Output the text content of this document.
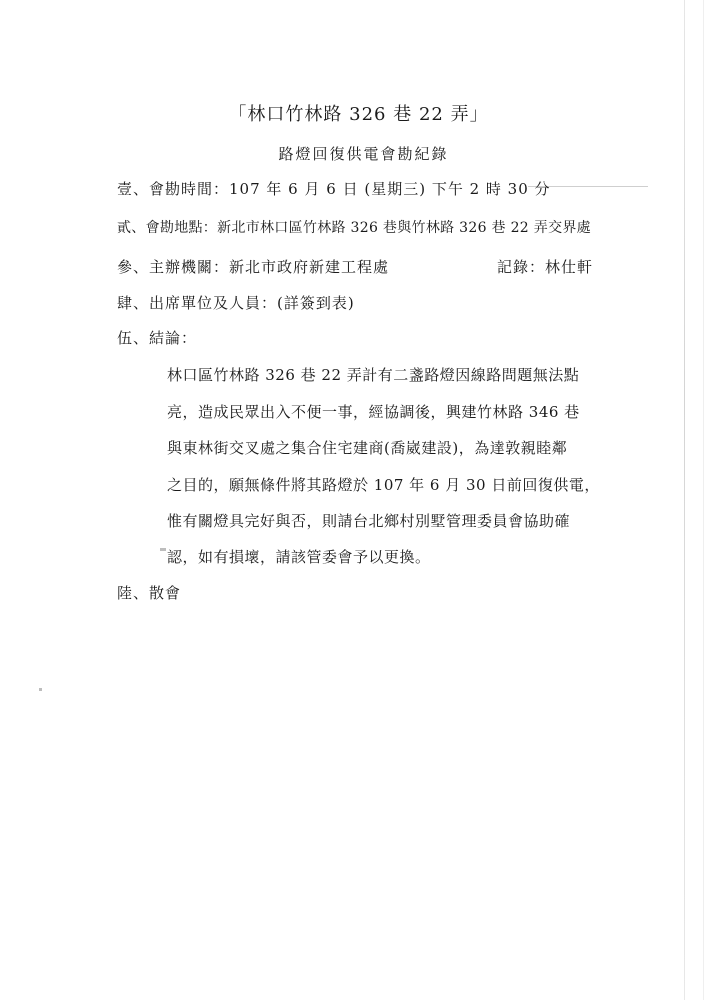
「林口竹林路 326 巷 22 弄」
路燈回復供電會勘紀錄
壹、會勘時間：107 年 6 月 6 日 (星期三) 下午 2 時 30 分
貳、會勘地點：新北市林口區竹林路 326 巷與竹林路 326 巷 22 弄交界處
參、主辦機關：新北市政府新建工程處	記錄：林仕軒
肆、出席單位及人員：(詳簽到表)
伍、結論：
林口區竹林路 326 巷 22 弄計有二盞路燈因線路問題無法點
亮，造成民眾出入不便一事，經協調後，興建竹林路 346 巷
與東林街交叉處之集合住宅建商(喬崴建設)，為達敦親睦鄰
之目的，願無條件將其路燈於 107 年 6 月 30 日前回復供電，
惟有關燈具完好與否，則請台北鄉村別墅管理委員會協助確
認，如有損壞，請該管委會予以更換。
陸、散會
